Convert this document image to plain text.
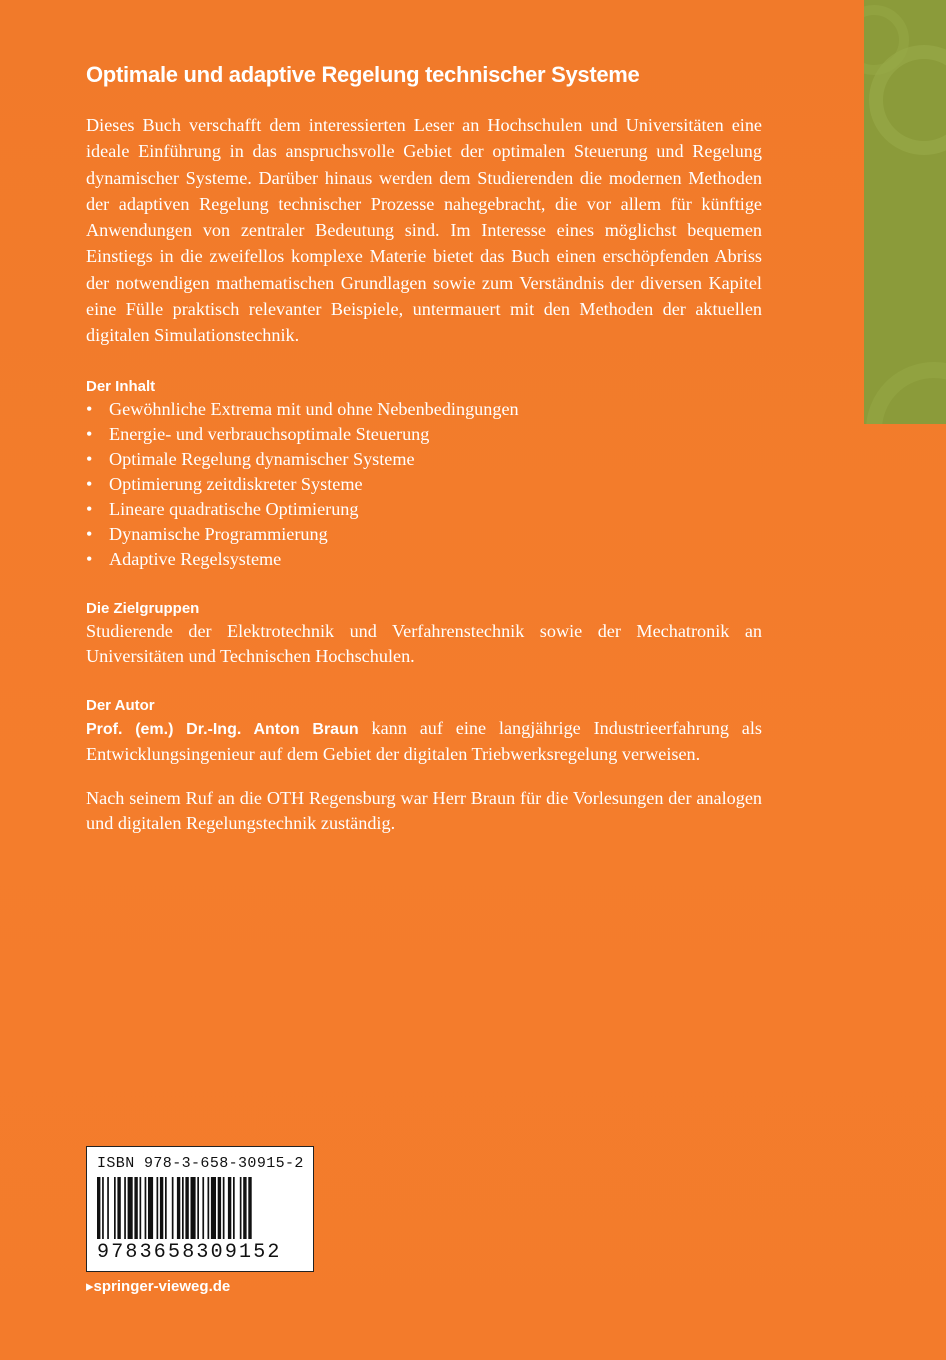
Optimale und adaptive Regelung technischer Systeme

Dieses Buch verschafft dem interessierten Leser an Hochschulen und Universitäten eine ideale Einführung in das anspruchsvolle Gebiet der optimalen Steuerung und Regelung dynamischer Systeme. Darüber hinaus werden dem Studierenden die modernen Methoden der adaptiven Regelung technischer Prozesse nahegebracht, die vor allem für künftige Anwendungen von zentraler Bedeutung sind. Im Interesse eines möglichst bequemen Einstiegs in die zweifellos komplexe Materie bietet das Buch einen erschöpfenden Abriss der notwendigen mathematischen Grundlagen sowie zum Verständnis der diversen Kapitel eine Fülle praktisch relevanter Beispiele, untermauert mit den Methoden der aktuellen digitalen Simulationstechnik.

Der Inhalt
• Gewöhnliche Extrema mit und ohne Nebenbedingungen
• Energie- und verbrauchsoptimale Steuerung
• Optimale Regelung dynamischer Systeme
• Optimierung zeitdiskreter Systeme
• Lineare quadratische Optimierung
• Dynamische Programmierung
• Adaptive Regelsysteme
Die Zielgruppen

Studierende der Elektrotechnik und Verfahrenstechnik sowie der Mechatronik an Universitäten und Technischen Hochschulen.

Der Autor

Prof. (em.) Dr.-Ing. Anton Braun kann auf eine langjährige Industrieerfahrung als Entwicklungsingenieur auf dem Gebiet der digitalen Triebwerksregelung verweisen.

Nach seinem Ruf an die OTH Regensburg war Herr Braun für die Vorlesungen der analogen und digitalen Regelungstechnik zuständig.

ISBN 978-3-658-30915-2
9783658309152
▸springer-vieweg.de
